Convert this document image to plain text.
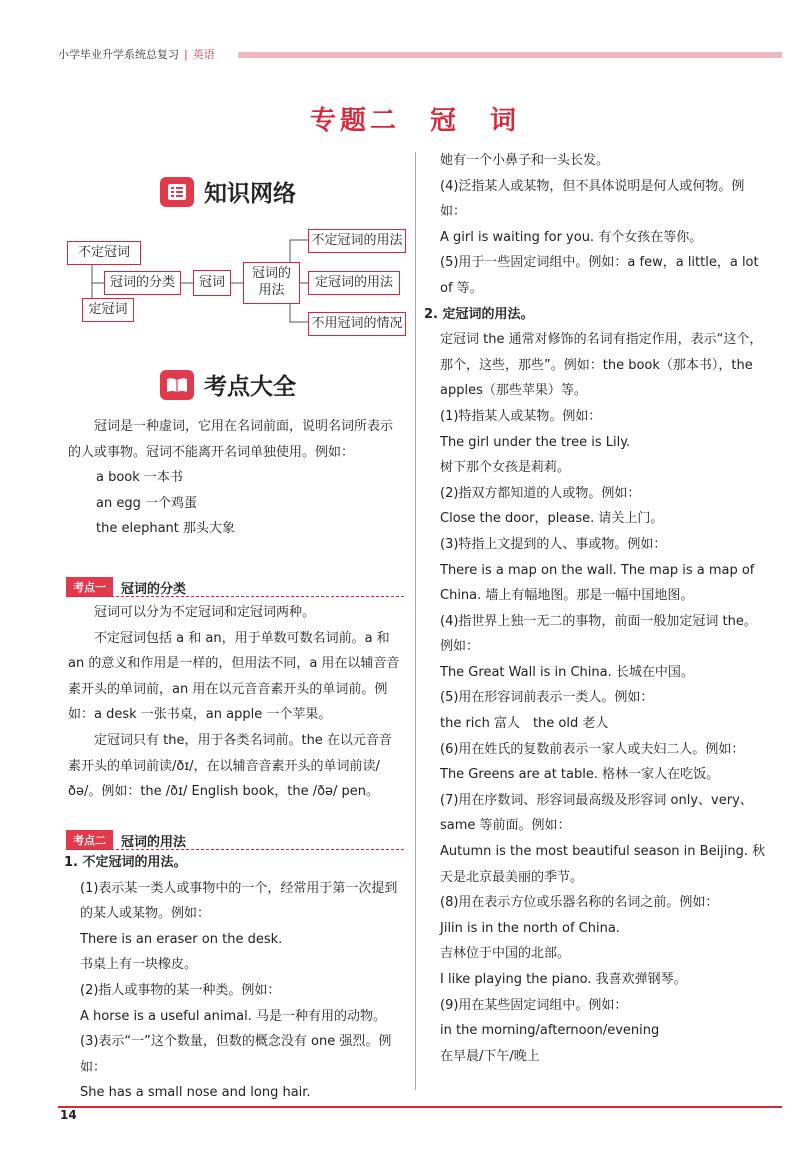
小学毕业升学系统总复习 | 英语
专题二　冠　词
知识网络
不定冠词
定冠词
冠词的分类	冠词
冠词的
用法
不定冠词的用法
定冠词的用法
不用冠词的情况
考点大全

冠词是一种虚词，它用在名词前面，说明名词所表示的人或事物。冠词不能离开名词单独使用。例如：

a book 一本书

an egg 一个鸡蛋

the elephant 那头大象

考点一	冠词的分类

冠词可以分为不定冠词和定冠词两种。

不定冠词包括 a 和 an，用于单数可数名词前。a 和 an 的意义和作用是一样的，但用法不同，a 用在以辅音音素开头的单词前，an 用在以元音音素开头的单词前。例如：a desk 一张书桌，an apple 一个苹果。

定冠词只有 the，用于各类名词前。the 在以元音音素开头的单词前读/ðɪ/，在以辅音音素开头的单词前读/ðə/。例如：the /ðɪ/ English book，the /ðə/ pen。

考点二	冠词的用法

1. 不定冠词的用法。

(1)表示某一类人或事物中的一个，经常用于第一次提到的某人或某物。例如：

There is an eraser on the desk.

书桌上有一块橡皮。

(2)指人或事物的某一种类。例如：

A horse is a useful animal. 马是一种有用的动物。

(3)表示“一”这个数量，但数的概念没有 one 强烈。例如：

She has a small nose and long hair.

她有一个小鼻子和一头长发。

(4)泛指某人或某物，但不具体说明是何人或何物。例如：

A girl is waiting for you. 有个女孩在等你。

(5)用于一些固定词组中。例如：a few，a little，a lot of 等。

2. 定冠词的用法。

定冠词 the 通常对修饰的名词有指定作用，表示“这个，那个，这些，那些”。例如：the book（那本书），the apples（那些苹果）等。

(1)特指某人或某物。例如：

The girl under the tree is Lily.

树下那个女孩是莉莉。

(2)指双方都知道的人或物。例如：

Close the door，please. 请关上门。

(3)特指上文提到的人、事或物。例如：

There is a map on the wall. The map is a map of China. 墙上有幅地图。那是一幅中国地图。

(4)指世界上独一无二的事物，前面一般加定冠词 the。例如：

The Great Wall is in China. 长城在中国。

(5)用在形容词前表示一类人。例如：

the rich 富人　the old 老人

(6)用在姓氏的复数前表示一家人或夫妇二人。例如：

The Greens are at table. 格林一家人在吃饭。

(7)用在序数词、形容词最高级及形容词 only、very、same 等前面。例如：

Autumn is the most beautiful season in Beijing. 秋天是北京最美丽的季节。

(8)用在表示方位或乐器名称的名词之前。例如：

Jilin is in the north of China.

吉林位于中国的北部。

I like playing the piano. 我喜欢弹钢琴。

(9)用在某些固定词组中。例如：

in the morning/afternoon/evening

在早晨/下午/晚上

14
